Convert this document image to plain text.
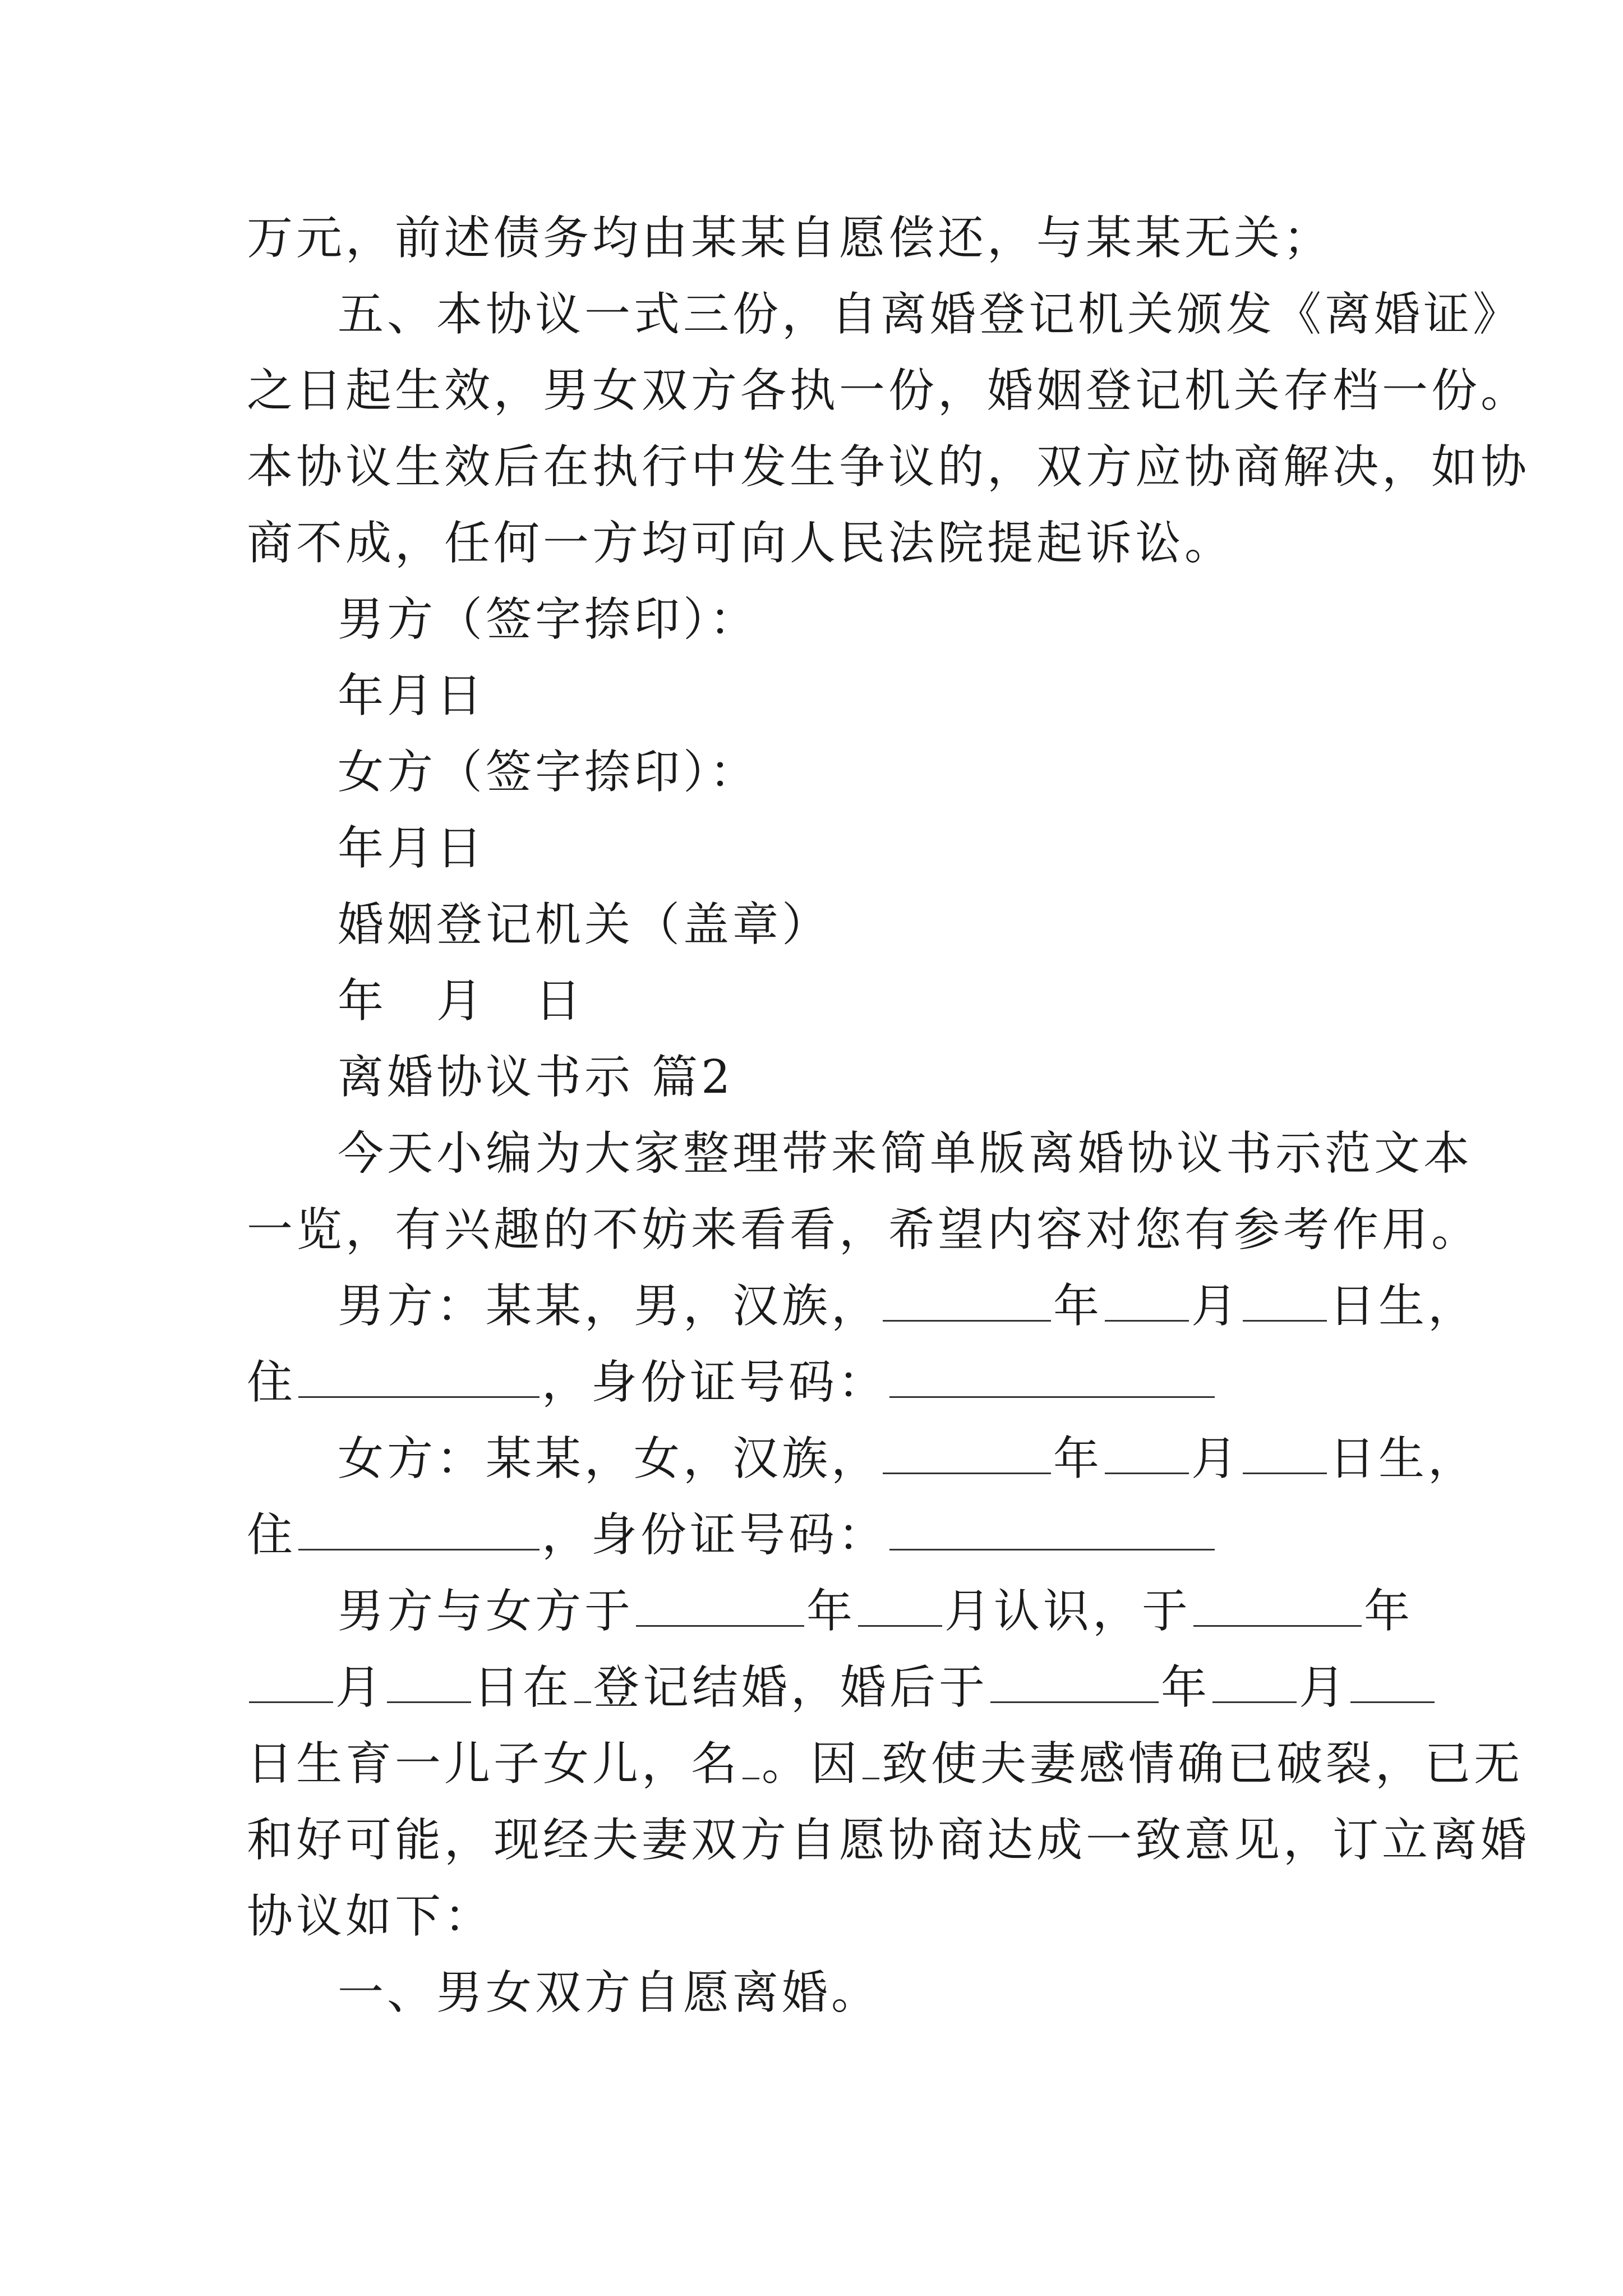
万元，前述债务均由某某自愿偿还，与某某无关；
五、本协议一式三份，自离婚登记机关颁发《离婚证》
之日起生效，男女双方各执一份，婚姻登记机关存档一份。
本协议生效后在执行中发生争议的，双方应协商解决，如协
商不成，任何一方均可向人民法院提起诉讼。
男方（签字捺印）：
年月日
女方（签字捺印）：
年月日
婚姻登记机关（盖章）
年　月　日
离婚协议书示 篇2
今天小编为大家整理带来简单版离婚协议书示范文本
一览，有兴趣的不妨来看看，希望内容对您有参考作用。
男方：某某，男，汉族，	年 月 日生，
住	，身份证号码：
女方：某某，女，汉族，	年 月 日生，
住	，身份证号码：
男方与女方于	年 月认识，于	年
月 日在 登记结婚，婚后于	年 月
日生育一儿子女儿，名 。因 致使夫妻感情确已破裂，已无
和好可能，现经夫妻双方自愿协商达成一致意见，订立离婚
协议如下：
一、男女双方自愿离婚。
